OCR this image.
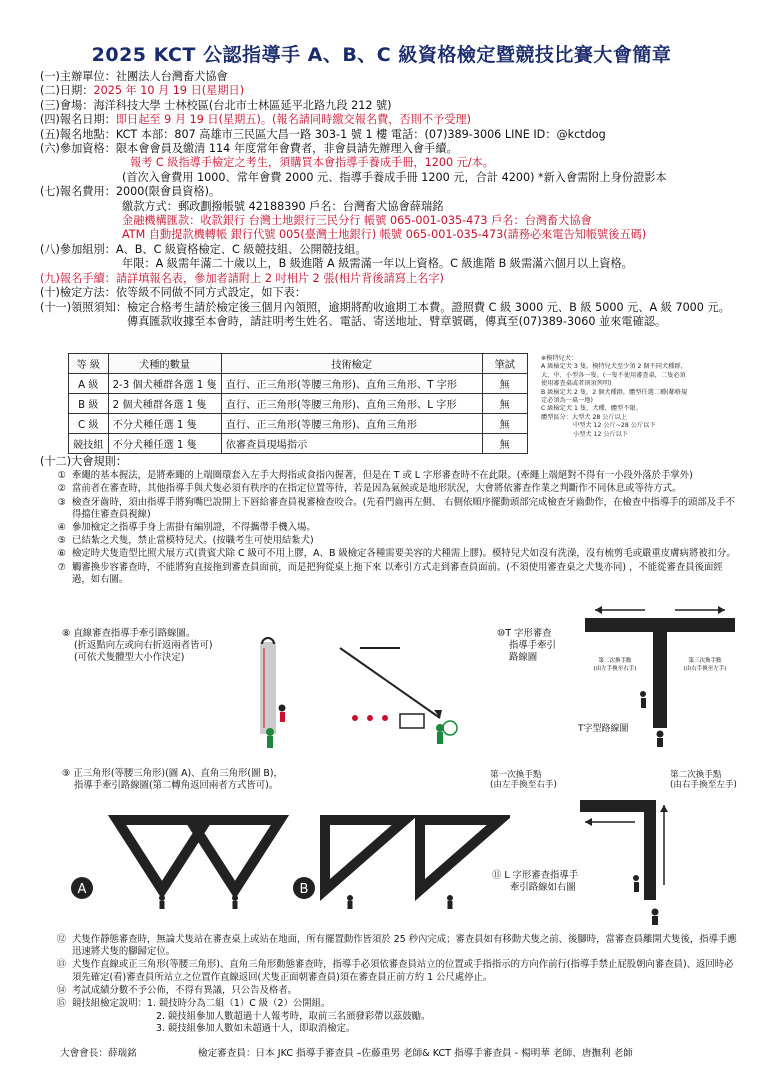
2025 KCT 公認指導手 A、B、C 級資格檢定暨競技比賽大會簡章
(一)主辦單位： 社團法人台灣畜犬協會
(二)日期： 2025 年 10 月 19 日(星期日)
(三)會場： 海洋科技大學 士林校區(台北市士林區延平北路九段 212 號)
(四)報名日期： 即日起至 9 月 19 日(星期五)。(報名請同時繳交報名費，否則不予受理)
(五)報名地點： KCT 本部：807 高雄市三民區大昌一路 303-1 號 1 樓 電話：(07)389-3006 LINE ID：@kctdog
(六)參加資格： 限本會會員及繳清 114 年度常年會費者，非會員請先辦理入會手續。
報考 C 級指導手檢定之考生，須購買本會指導手養成手冊，1200 元/本。
(首次入會費用 1000、常年會費 2000 元、指導手養成手冊 1200 元，合計 4200) *新入會需附上身份證影本
(七)報名費用： 2000(限會員資格)。
繳款方式：郵政劃撥帳號 42188390 戶名：台灣畜犬協會薛瑞銘
金融機構匯款：收款銀行 台灣土地銀行三民分行 帳號 065-001-035-473 戶名：台灣畜犬協會
ATM 自動提款機轉帳 銀行代號 005(臺灣土地銀行) 帳號 065-001-035-473(請務必來電告知帳號後五碼)
(八)參加組別： A、B、C 級資格檢定、C 級競技組、公開競技組。
年限：A 級需年滿二十歲以上，B 級進階 A 級需滿一年以上資格。C 級進階 B 級需滿六個月以上資格。
(九)報名手續： 請詳填報名表，參加者請附上 2 吋相片 2 張(相片背後請寫上名字)
(十)檢定方法： 依等級不同做不同方式設定，如下表：
(十一)領照須知： 檢定合格考生請於檢定後三個月內領照，逾期將酌收逾期工本費。證照費 C 級 3000 元、B 級 5000 元、A 級 7000 元。傳真匯款收據至本會時，請註明考生姓名、電話、寄送地址、臂章號碼，傳真至(07)389-3060 並來電確認。
等 級	犬種的數量	技術檢定	筆試
A 級	2-3 個犬種群各選 1 隻	直行、正三角形(等腰三角形)、直角三角形、T 字形	無
B 級	2 個犬種群各選 1 隻	直行、正三角形(等腰三角形)、直角三角形、L 字形	無
C 級	不分犬種任選 1 隻	直行、正三角形(等腰三角形)、直角三角形	無
競技組	不分犬種任選 1 隻	依審查員現場指示	無
※模特兒犬：
A 級檢定犬 3 隻，模特兒犬至少須 2 個不同犬種群，
大、中、小型各一隻。(一隻不使用審查桌，二隻必須
使用審查桌或者則須列明)
B 級檢定犬 2 隻，2 個犬種群，體型任選二種(鄰格規
定必須為一桌一地)
C 級檢定犬 1 隻，犬種、體型不限。
體型區分：大型犬 28 公斤以上
中型犬 12 公斤~28 公斤以下
小型犬 12 公斤以下
(十二)大會規則：
① 牽繩的基本握法，是將牽繩的上端圈環套入左手大拇指或食指內握著，但是在 T 或 L 字形審查時不在此限。(牽繩上端絕對不得有一小段外落於手掌外)
② 當前者在審查時，其他指導手與犬隻必須有秩序的在指定位置等待，若是因為氣候或是地形狀況，大會將依審查作業之判斷作不同休息或等待方式。
③ 檢查牙齒時，須由指導手將狗嘴巴說開上下唇給審查員視審檢查咬合。(先看門齒再左側、 右側依順序擺動頭部完成檢查牙齒動作，在檢查中指導手的頭部及手不得擋住審查員視線)
④ 參加檢定之指導手身上需掛有編別證，不得攜帶手機入場。
⑤ 已結紮之犬隻，禁止當模特兒犬。(按職考生可使用結紮犬)
⑥ 檢定時犬隻造型比照犬展方式(貴賓犬除 C 級可不用上膠，A、B 級檢定各種需要美容的犬種需上膠)。模特兒犬如沒有洗澡，沒有梳剪毛或嚴重皮膚病將被扣分。
⑦ 觸審換步容審查時，不能將狗直接拖到審查員面前，而是把狗從桌上拖下來 以牽引方式走到審查員面前。(不須使用審查桌之犬隻亦同) ，不能從審查員後面經過，如右圖。
⑧ 直線審查指導手牽引路線圖。
(折返點向左或向右折返兩者皆可)
(可依犬隻體型大小作決定)
⑩T 字形審查
指導手牽引
路線圖	第二次換手點
(由左手換至右手)
第三次換手點
(由右手換至左手)
T字型路線圖
⑨ 正三角形(等腰三角形)(圖 A)、直角三角形(圖 B)，
指導手牽引路線圖(第二轉角返回兩者方式皆可)。
A	B
第一次換手點
(由左手換至右手)
第二次換手點
(由右手換至左手)
⑪ L 字形審查指導手
牽引路線如右圖
⑫ 犬隻作靜態審查時，無論犬隻站在審查桌上或站在地面，所有擺置動作皆須於 25 秒內完成；審查員如有移動犬隻之前、後腳時，當審查員離開犬隻後，指導手應迅速將犬隻的腳歸定位。
⑬ 犬隻作直線或正三角形(等腰三角形)、直角三角形動態審查時，指導手必須依審查員站立的位置或手指指示的方向作前行(指導手禁止屁股朝向審查員)、返回時必須先確定(看)審查員所站立之位置作直線返回(犬隻正面朝審查員)須在審查員正前方約 1 公尺處停止。
⑭ 考試成績分數不予公佈，不得有異議，只公告及格者。
⑮ 競技組檢定說明：1. 競技時分為二組（1）C 級（2）公開組。
2. 競技組參加人數超過十人報考時，取前三名頒發彩帶以茲鼓勵。
3. 競技組參加人數如未超過十人，即取消檢定。
大會會長：薛瑞銘	檢定審查員：日本 JKC 指導手審查員 –佐藤重男 老師& KCT 指導手審查員 - 楊明華 老師、唐撫利 老師
